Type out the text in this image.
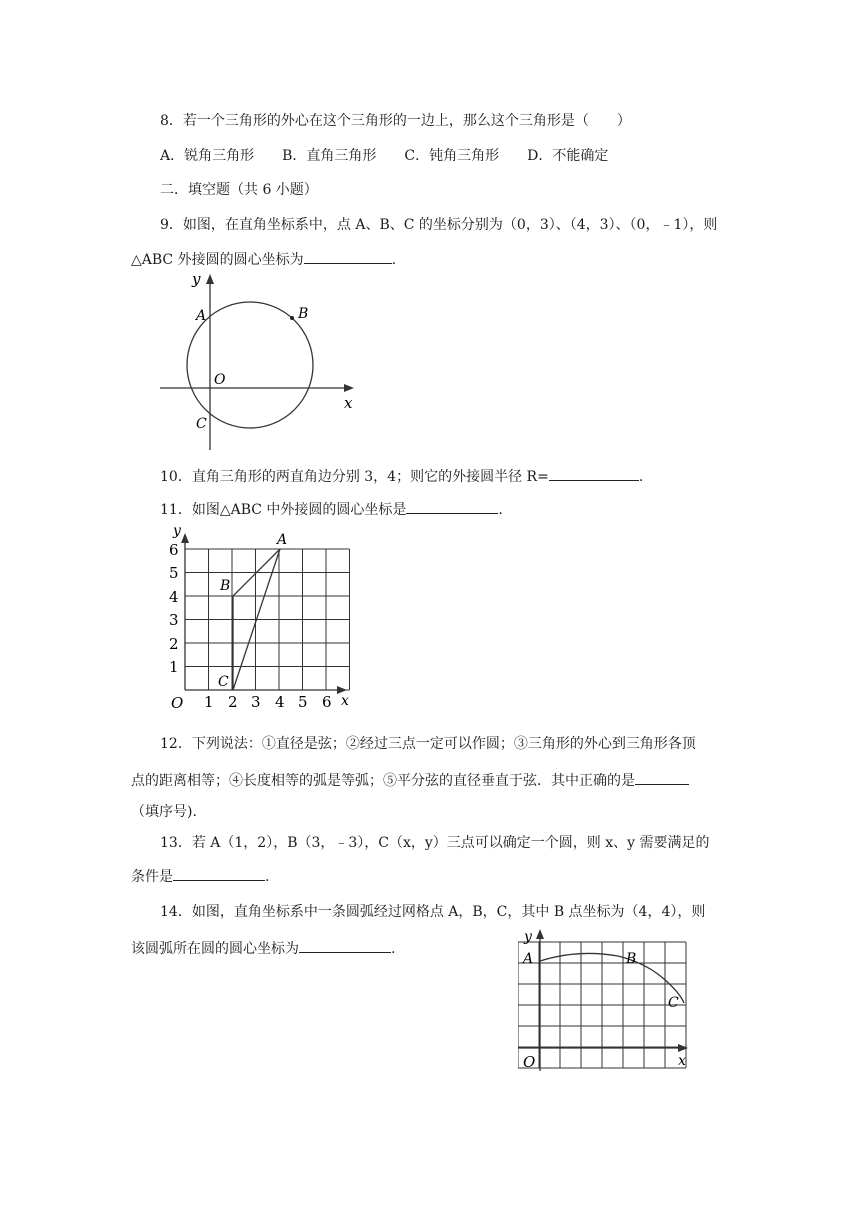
8．若一个三角形的外心在这个三角形的一边上，那么这个三角形是（　　）
A．锐角三角形 B．直角三角形 C．钝角三角形 D．不能确定
二．填空题（共 6 小题）
9．如图，在直角坐标系中，点 A、B、C 的坐标分别为（0，3）、（4，3）、（0，﹣1），则
△ABC 外接圆的圆心坐标为	.
y
x
O
A	B
C
10．直角三角形的两直角边分别 3，4；则它的外接圆半径 R=	.
11．如图△ABC 中外接圆的圆心坐标是	.
6
5
4
3
2
1
1 2 3 4 5 6
y
x
O
A
B
C
12．下列说法：①直径是弦；②经过三点一定可以作圆；③三角形的外心到三角形各顶
点的距离相等；④长度相等的弧是等弧；⑤平分弦的直径垂直于弦．其中正确的是
（填序号).
13．若 A（1，2），B（3，﹣3），C（x，y）三点可以确定一个圆，则 x、y 需要满足的
条件是	.
14．如图，直角坐标系中一条圆弧经过网格点 A，B，C，其中 B 点坐标为（4，4），则
该圆弧所在圆的圆心坐标为	.
y
x
O
A	B
C
